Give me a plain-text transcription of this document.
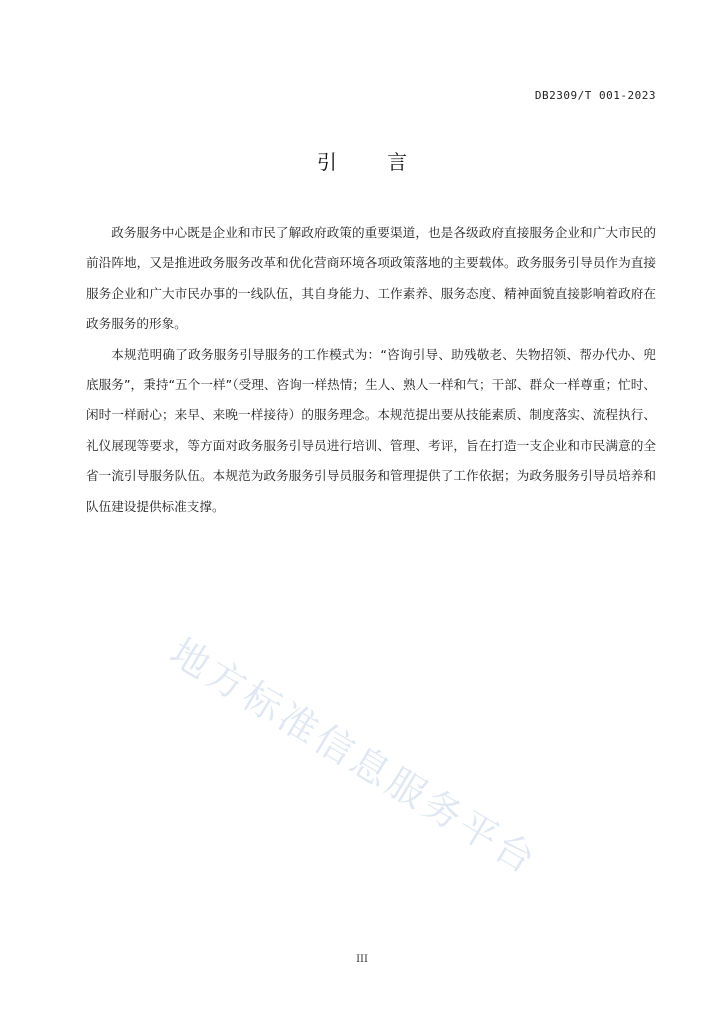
DB2309/T 001-2023
引 言

政务服务中心既是企业和市民了解政府政策的重要渠道，也是各级政府直接服务企业和广大市民的前沿阵地，又是推进政务服务改革和优化营商环境各项政策落地的主要载体。政务服务引导员作为直接服务企业和广大市民办事的一线队伍，其自身能力、工作素养、服务态度、精神面貌直接影响着政府在政务服务的形象。

本规范明确了政务服务引导服务的工作模式为：“咨询引导、助残敬老、失物招领、帮办代办、兜底服务”，秉持“五个一样”（受理、咨询一样热情；生人、熟人一样和气；干部、群众一样尊重；忙时、闲时一样耐心；来早、来晚一样接待）的服务理念。本规范提出要从技能素质、制度落实、流程执行、礼仪展现等要求，等方面对政务服务引导员进行培训、管理、考评，旨在打造一支企业和市民满意的全省一流引导服务队伍。本规范为政务服务引导员服务和管理提供了工作依据；为政务服务引导员培养和队伍建设提供标准支撑。

地方标准信息服务平台
III
